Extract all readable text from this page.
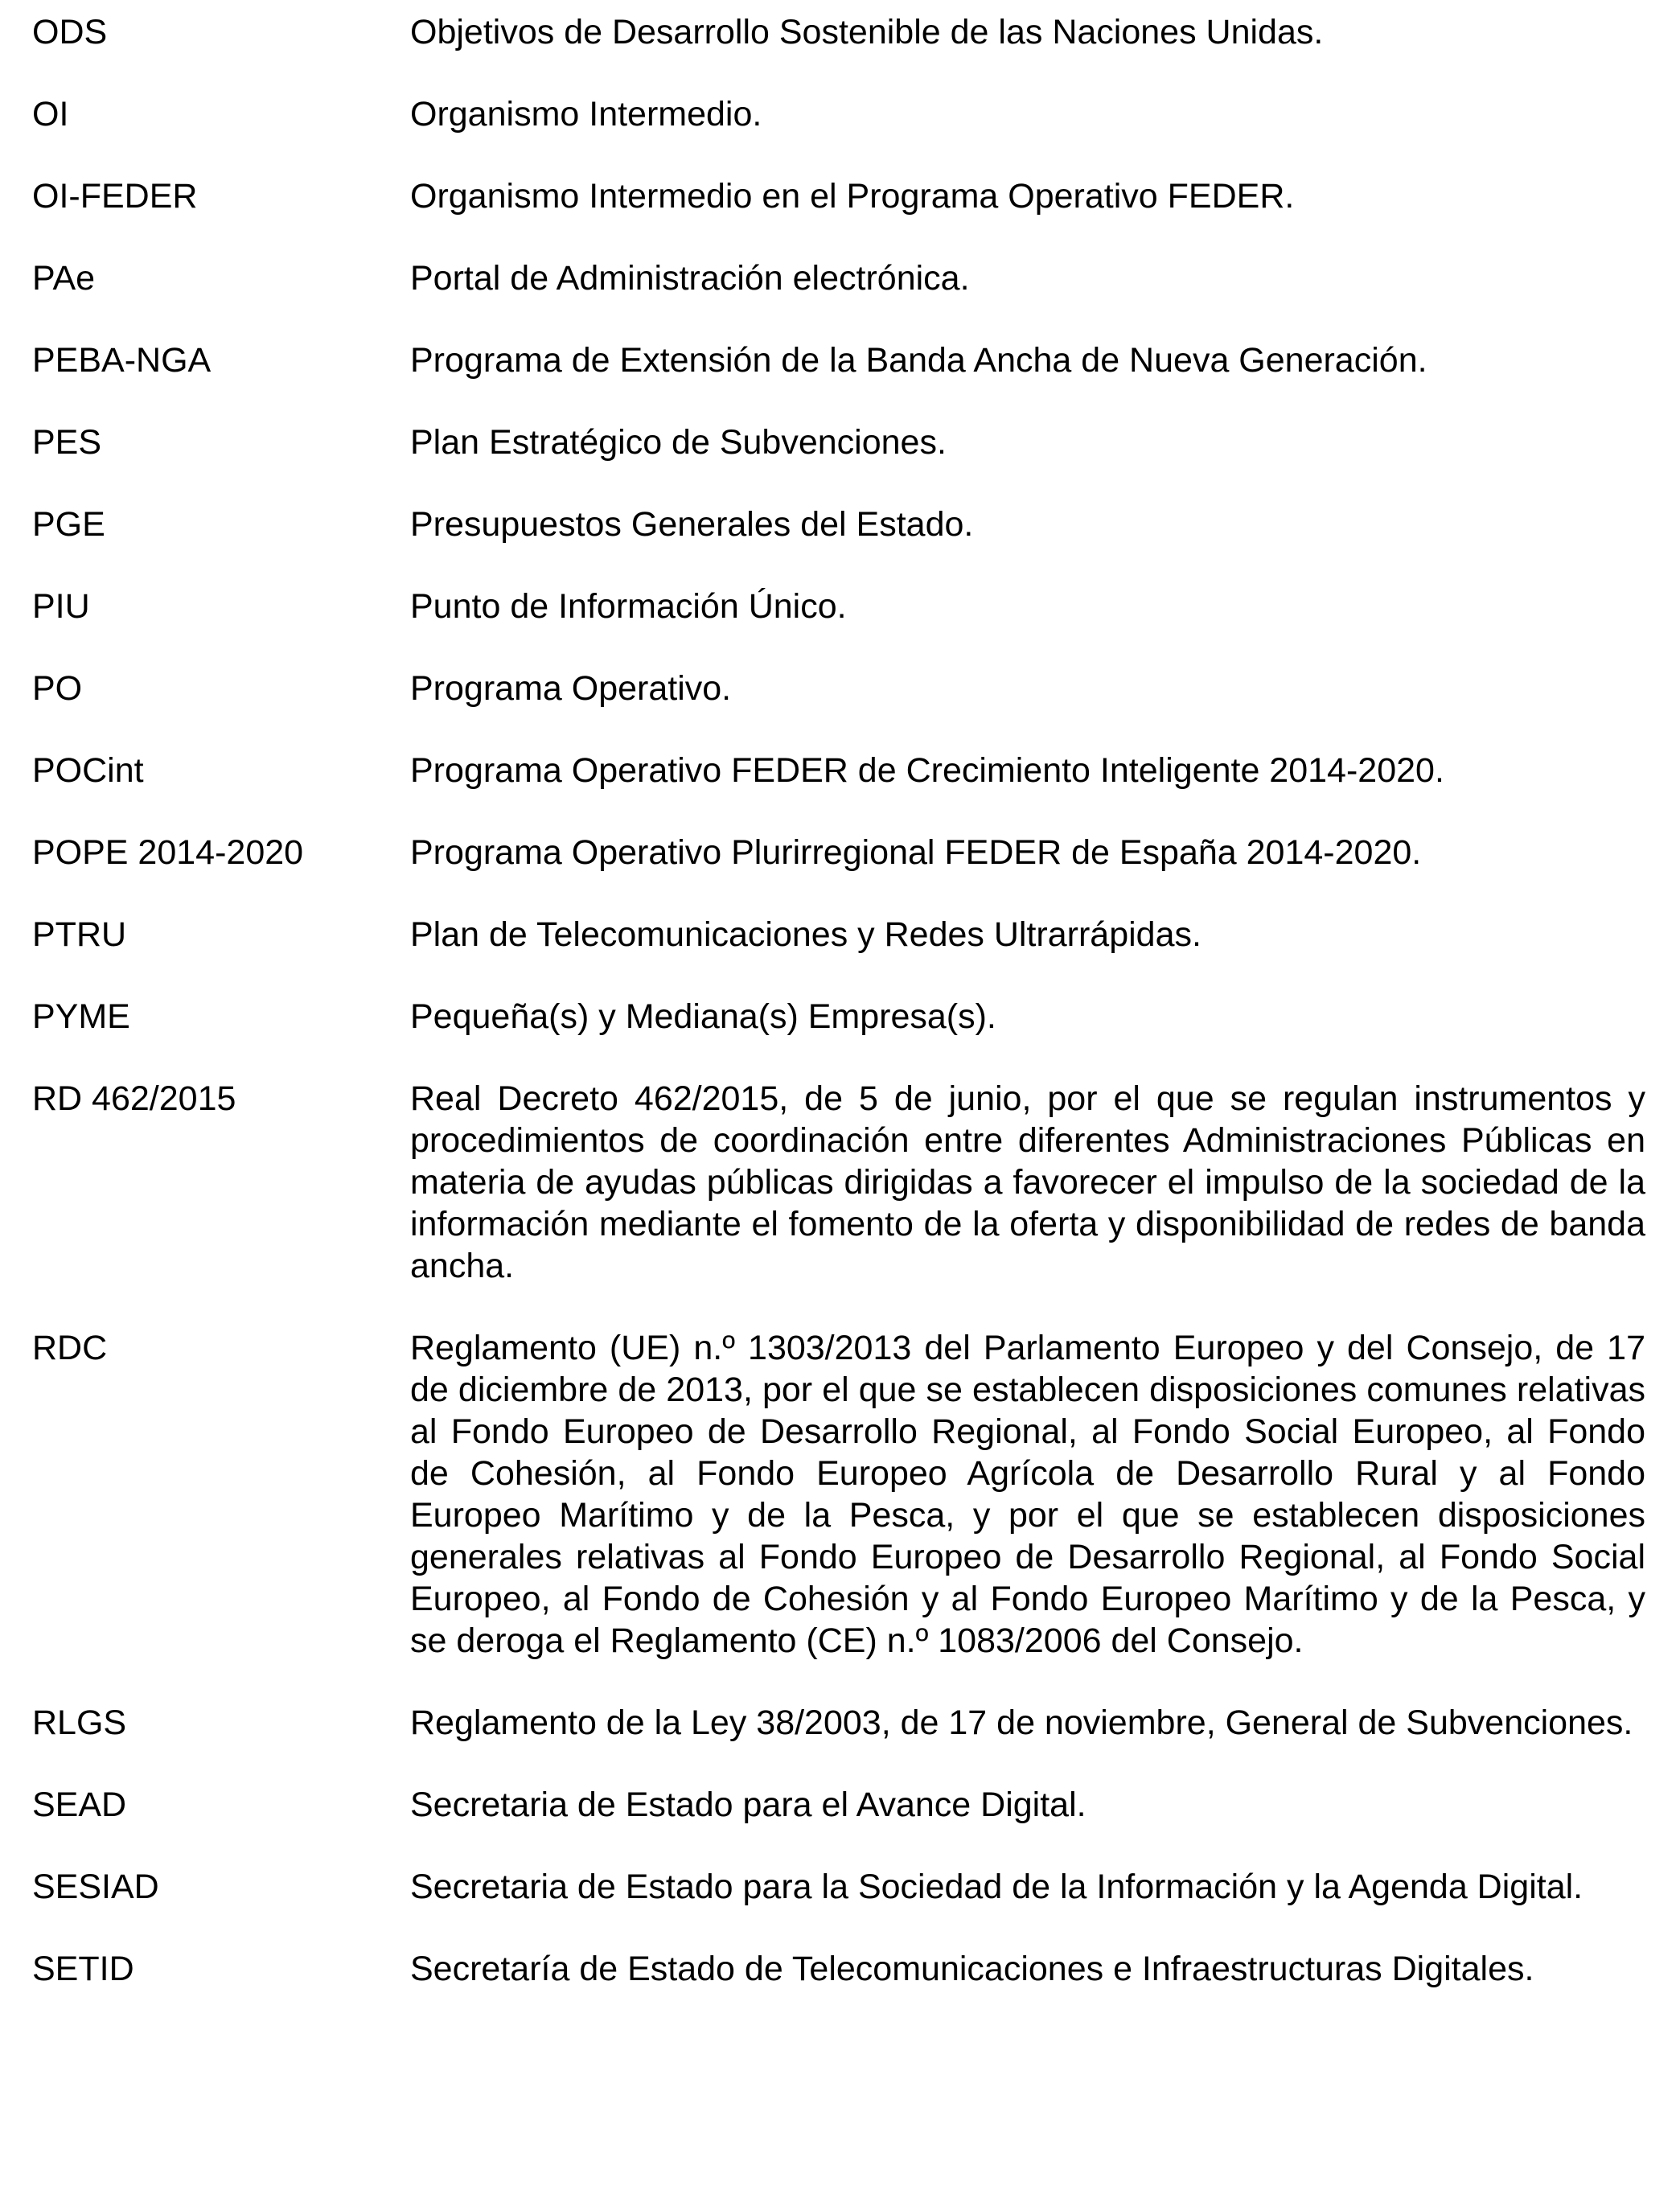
ODS	Objetivos de Desarrollo Sostenible de las Naciones Unidas.
OI	Organismo Intermedio.
OI-FEDER	Organismo Intermedio en el Programa Operativo FEDER.
PAe	Portal de Administración electrónica.
PEBA-NGA	Programa de Extensión de la Banda Ancha de Nueva Generación.
PES	Plan Estratégico de Subvenciones.
PGE	Presupuestos Generales del Estado.
PIU	Punto de Información Único.
PO	Programa Operativo.
POCint	Programa Operativo FEDER de Crecimiento Inteligente 2014-2020.
POPE 2014-2020	Programa Operativo Plurirregional FEDER de España 2014-2020.
PTRU	Plan de Telecomunicaciones y Redes Ultrarrápidas.
PYME	Pequeña(s) y Mediana(s) Empresa(s).
RD 462/2015	Real Decreto 462/2015, de 5 de junio, por el que se regulan instrumentos y procedimientos de coordinación entre diferentes Administraciones Públicas en materia de ayudas públicas dirigidas a favorecer el impulso de la sociedad de la información mediante el fomento de la oferta y disponibilidad de redes de banda ancha.
RDC	Reglamento (UE) n.º 1303/2013 del Parlamento Europeo y del Consejo, de 17 de diciembre de 2013, por el que se establecen disposiciones comunes relativas al Fondo Europeo de Desarrollo Regional, al Fondo Social Europeo, al Fondo de Cohesión, al Fondo Europeo Agrícola de Desarrollo Rural y al Fondo Europeo Marítimo y de la Pesca, y por el que se establecen disposiciones generales relativas al Fondo Europeo de Desarrollo Regional, al Fondo Social Europeo, al Fondo de Cohesión y al Fondo Europeo Marítimo y de la Pesca, y se deroga el Reglamento (CE) n.º 1083/2006 del Consejo.
RLGS	Reglamento de la Ley 38/2003, de 17 de noviembre, General de Subvenciones.
SEAD	Secretaria de Estado para el Avance Digital.
SESIAD	Secretaria de Estado para la Sociedad de la Información y la Agenda Digital.
SETID	Secretaría de Estado de Telecomunicaciones e Infraestructuras Digitales.
